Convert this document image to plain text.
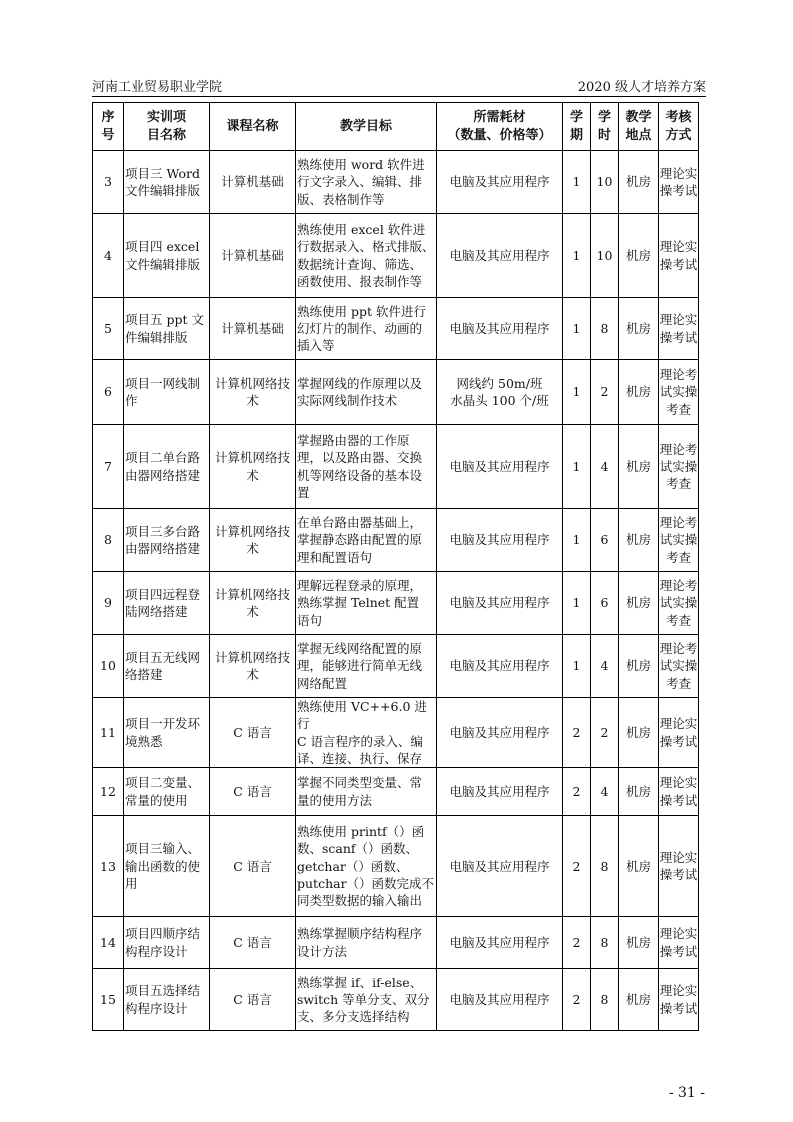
河南工业贸易职业学院	2020 级人才培养方案
序
号	实训项
目名称	课程名称	教学目标	所需耗材
（数量、价格等）	学
期	学
时	教学
地点	考核
方式

3	项目三 Word
文件编辑排版	计算机基础	熟练使用 word 软件进
行文字录入、编辑、排
版、表格制作等	电脑及其应用程序	1	10	机房	理论实
操考试

4	项目四 excel
文件编辑排版	计算机基础	熟练使用 excel 软件进
行数据录入、格式排版、
数据统计查询、筛选、
函数使用、报表制作等	电脑及其应用程序	1	10	机房	理论实
操考试

5	项目五 ppt 文
件编辑排版	计算机基础	熟练使用 ppt 软件进行
幻灯片的制作、动画的
插入等	电脑及其应用程序	1	8	机房	理论实
操考试

6	项目一网线制
作	计算机网络技
术	掌握网线的作原理以及
实际网线制作技术	网线约 50m/班
水晶头 100 个/班	1	2	机房	理论考
试实操
考查

7	项目二单台路
由器网络搭建	计算机网络技
术	掌握路由器的工作原
理，以及路由器、交换
机等网络设备的基本设
置	电脑及其应用程序	1	4	机房	理论考
试实操
考查

8	项目三多台路
由器网络搭建	计算机网络技
术	在单台路由器基础上，
掌握静态路由配置的原
理和配置语句	电脑及其应用程序	1	6	机房	理论考
试实操
考查

9	项目四远程登
陆网络搭建	计算机网络技
术	理解远程登录的原理，
熟练掌握 Telnet 配置
语句	电脑及其应用程序	1	6	机房	理论考
试实操
考查

10	项目五无线网
络搭建	计算机网络技
术	掌握无线网络配置的原
理，能够进行简单无线
网络配置	电脑及其应用程序	1	4	机房	理论考
试实操
考查

11	项目一开发环
境熟悉	C 语言	熟练使用 VC++6.0 进行
C 语言程序的录入、编
译、连接、执行、保存	电脑及其应用程序	2	2	机房	理论实
操考试

12	项目二变量、
常量的使用	C 语言	掌握不同类型变量、常
量的使用方法	电脑及其应用程序	2	4	机房	理论实
操考试

13	项目三输入、
输出函数的使
用	C 语言	熟练使用 printf（）函
数、scanf（）函数、
getchar（）函数、
putchar（）函数完成不
同类型数据的输入输出	电脑及其应用程序	2	8	机房	理论实
操考试

14	项目四顺序结
构程序设计	C 语言	熟练掌握顺序结构程序
设计方法	电脑及其应用程序	2	8	机房	理论实
操考试

15	项目五选择结
构程序设计	C 语言	熟练掌握 if、if-else、
switch 等单分支、双分
支、多分支选择结构	电脑及其应用程序	2	8	机房	理论实
操考试
- 31 -
